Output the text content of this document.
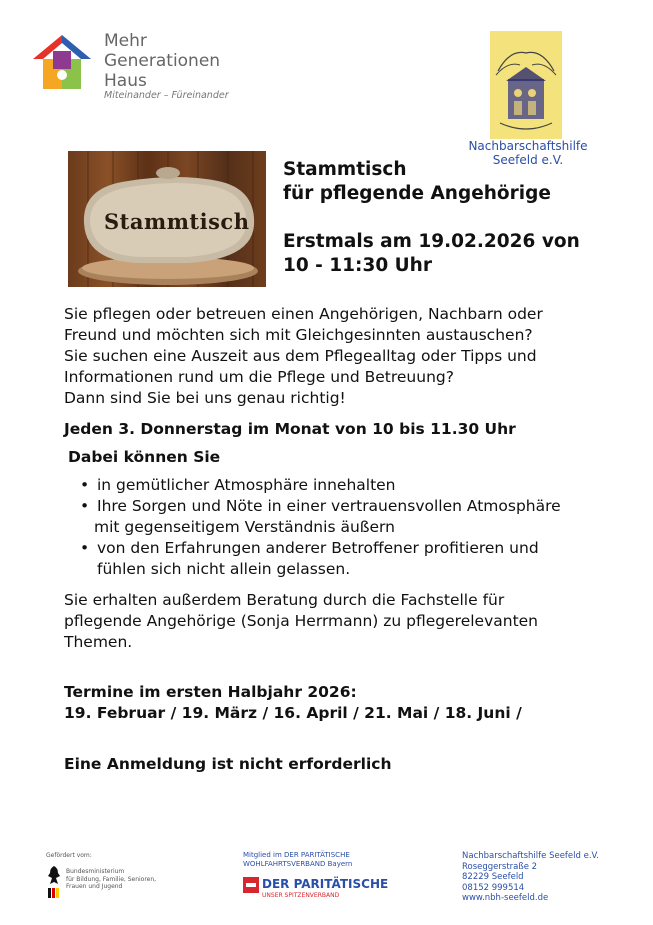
Mehr
Generationen
Haus
Miteinander – Füreinander
Nachbarschaftshilfe
Seefeld e.V.
Stammtisch
Stammtisch
für pflegende Angehörige
Erstmals am 19.02.2026 von
10 - 11:30 Uhr
Sie pflegen oder betreuen einen Angehörigen, Nachbarn oder
Freund und möchten sich mit Gleichgesinnten austauschen?
Sie suchen eine Auszeit aus dem Pflegealltag oder Tipps und
Informationen rund um die Pflege und Betreuung?
Dann sind Sie bei uns genau richtig!
Jeden 3. Donnerstag im Monat von 10 bis 11.30 Uhr
Dabei können Sie
• in gemütlicher Atmosphäre innehalten
• Ihre Sorgen und Nöte in einer vertrauensvollen Atmosphäre
mit gegenseitigem Verständnis äußern
• von den Erfahrungen anderer Betroffener profitieren und
fühlen sich nicht allein gelassen.
Sie erhalten außerdem Beratung durch die Fachstelle für
pflegende Angehörige (Sonja Herrmann) zu pflegerelevanten
Themen.
Termine im ersten Halbjahr 2026:
19. Februar / 19. März / 16. April / 21. Mai / 18. Juni /
Eine Anmeldung ist nicht erforderlich
Gefördert vom:
Bundesministerium
für Bildung, Familie, Senioren,
Frauen und Jugend
Mitglied im DER PARITÄTISCHE
WOHLFAHRTSVERBAND Bayern
DER PARITÄTISCHE
UNSER SPITZENVERBAND
Nachbarschaftshilfe Seefeld e.V.
Roseggerstraße 2
82229 Seefeld
08152 999514
www.nbh-seefeld.de
